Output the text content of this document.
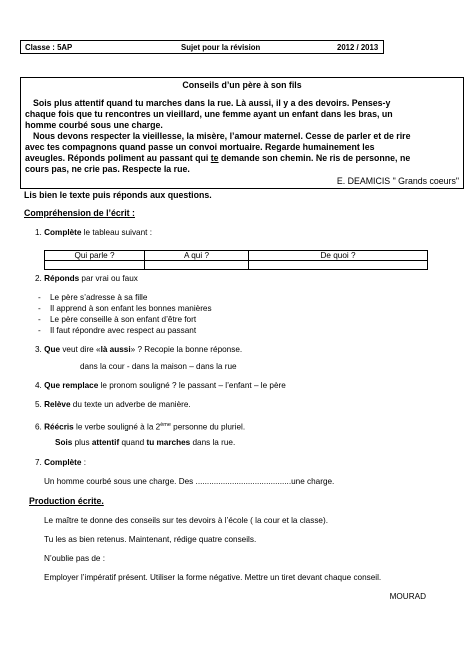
Classe : 5AP	Sujet pour la révision	2012 / 2013
Conseils d’un père à son fils
Sois plus attentif quand tu marches dans la rue. Là aussi, il y a des devoirs. Penses-y
chaque fois que tu rencontres un vieillard, une femme ayant un enfant dans les bras, un
homme courbé sous une charge.
Nous devons respecter la vieillesse, la misère, l’amour maternel. Cesse de parler et de rire
avec tes compagnons quand passe un convoi mortuaire. Regarde humainement les
aveugles. Réponds poliment au passant qui te demande son chemin. Ne ris de personne, ne
cours pas, ne crie pas. Respecte la rue.
E. DEAMICIS " Grands coeurs"
Lis bien le texte puis réponds aux questions.
Compréhension de l’écrit :
1. Complète le tableau suivant :
Qui parle ?	A qui ?	De quoi ?
2. Réponds par vrai ou faux
- Le père s’adresse à sa fille
- Il apprend à son enfant les bonnes manières
- Le père conseille à son enfant d’être fort
- Il faut répondre avec respect au passant
3. Que veut dire «là aussi» ? Recopie la bonne réponse.
dans la cour - dans la maison – dans la rue
4. Que remplace le pronom souligné ? le passant – l’enfant – le père
5. Relève du texte un adverbe de manière.
6. Réécris le verbe souligné à la 2ème personne du pluriel.
Sois plus attentif quand tu marches dans la rue.
7. Complète :
Un homme courbé sous une charge. Des ..........................................une charge.
Production écrite.
Le maître te donne des conseils sur tes devoirs à l’école ( la cour et la classe).
Tu les as bien retenus. Maintenant, rédige quatre conseils.
N’oublie pas de :
Employer l’impératif présent. Utiliser la forme négative. Mettre un tiret devant chaque conseil.
MOURAD
